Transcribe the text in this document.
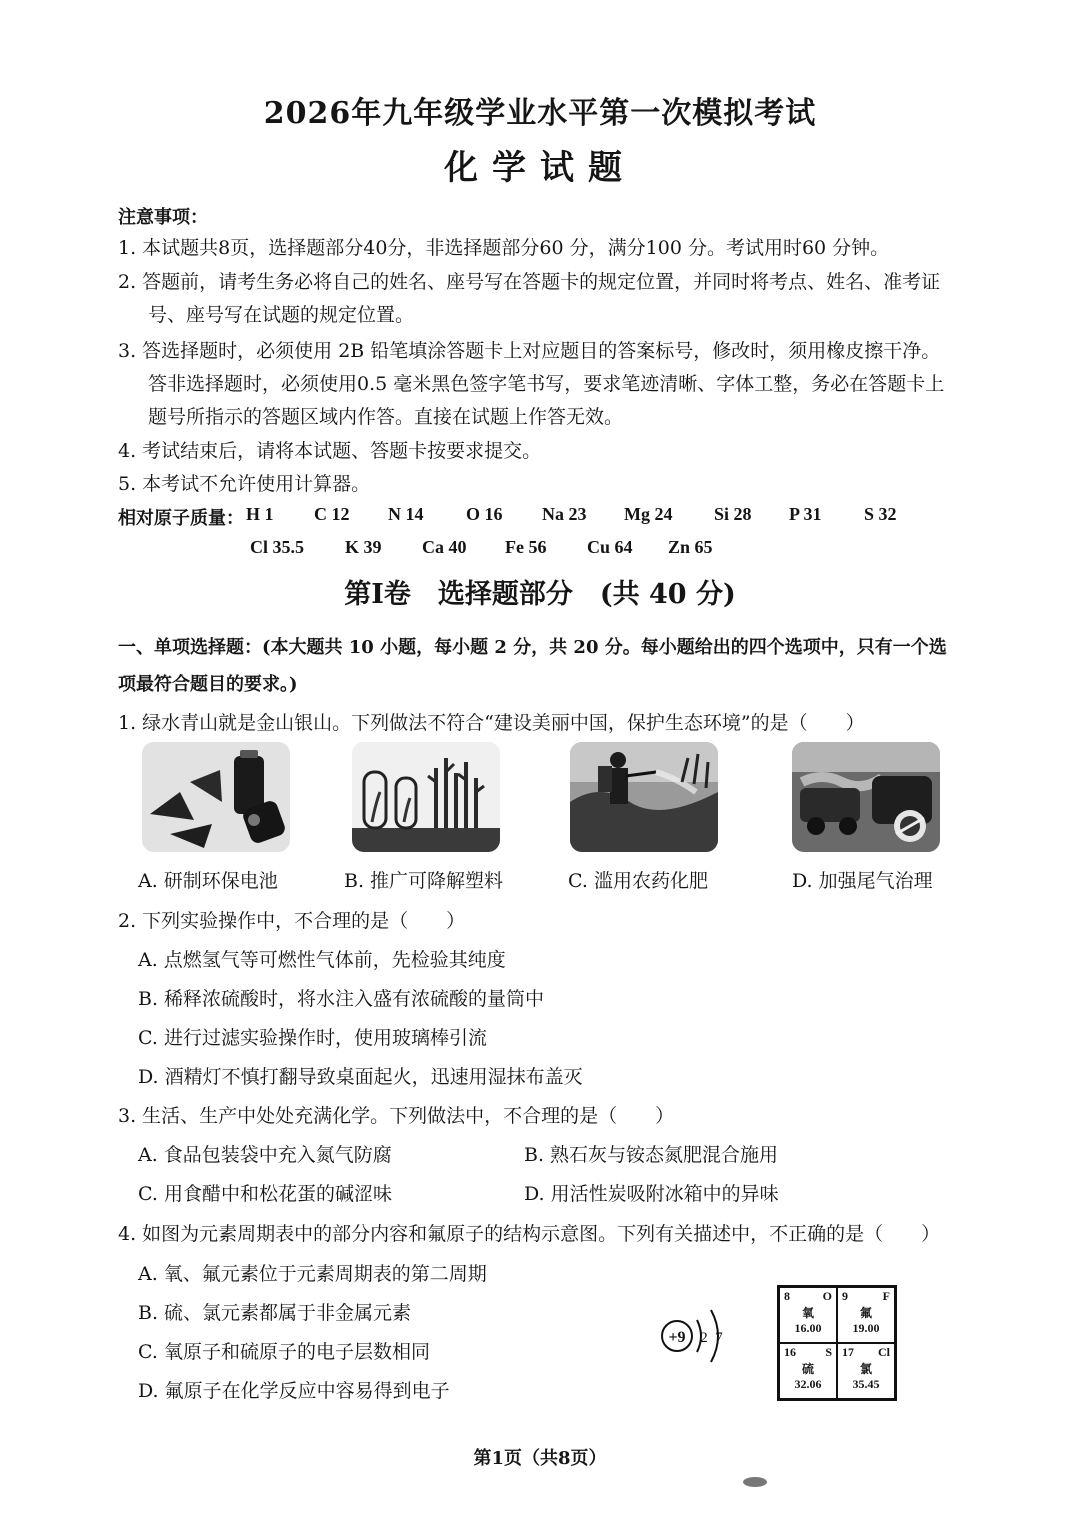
2026年九年级学业水平第一次模拟考试
化学试题
注意事项：
1. 本试题共8页，选择题部分40分，非选择题部分60 分，满分100 分。考试用时60 分钟。
2. 答题前，请考生务必将自己的姓名、座号写在答题卡的规定位置，并同时将考点、姓名、准考证
号、座号写在试题的规定位置。
3. 答选择题时，必须使用 2B 铅笔填涂答题卡上对应题目的答案标号，修改时，须用橡皮擦干净。
答非选择题时，必须使用0.5 毫米黑色签字笔书写，要求笔迹清晰、字体工整，务必在答题卡上
题号所指示的答题区域内作答。直接在试题上作答无效。
4. 考试结束后，请将本试题、答题卡按要求提交。
5. 本考试不允许使用计算器。
相对原子质量： H 1 C 12 N 14 O 16 Na 23 Mg 24 Si 28 P 31 S 32
Cl 35.5 K 39 Ca 40 Fe 56 Cu 64 Zn 65
第Ⅰ卷　选择题部分　(共 40 分)
一、单项选择题：(本大题共 10 小题，每小题 2 分，共 20 分。每小题给出的四个选项中，只有一个选
项最符合题目的要求。)
1. 绿水青山就是金山银山。下列做法不符合“建设美丽中国，保护生态环境”的是（　　）
A. 研制环保电池	B. 推广可降解塑料	C. 滥用农药化肥	D. 加强尾气治理
2. 下列实验操作中，不合理的是（　　）
A. 点燃氢气等可燃性气体前，先检验其纯度
B. 稀释浓硫酸时，将水注入盛有浓硫酸的量筒中
C. 进行过滤实验操作时，使用玻璃棒引流
D. 酒精灯不慎打翻导致桌面起火，迅速用湿抹布盖灭
3. 生活、生产中处处充满化学。下列做法中，不合理的是（　　）
A. 食品包装袋中充入氮气防腐	B. 熟石灰与铵态氮肥混合施用
C. 用食醋中和松花蛋的碱涩味	D. 用活性炭吸附冰箱中的异味
4. 如图为元素周期表中的部分内容和氟原子的结构示意图。下列有关描述中，不正确的是（　　）
A. 氧、氟元素位于元素周期表的第二周期
B. 硫、氯元素都属于非金属元素
C. 氧原子和硫原子的电子层数相同
D. 氟原子在化学反应中容易得到电子
+9 2 7
8	O
氧
16.00
9	F
氟
19.00
16 S
硫
32.06
17 Cl
氯
35.45
第1页（共8页）
